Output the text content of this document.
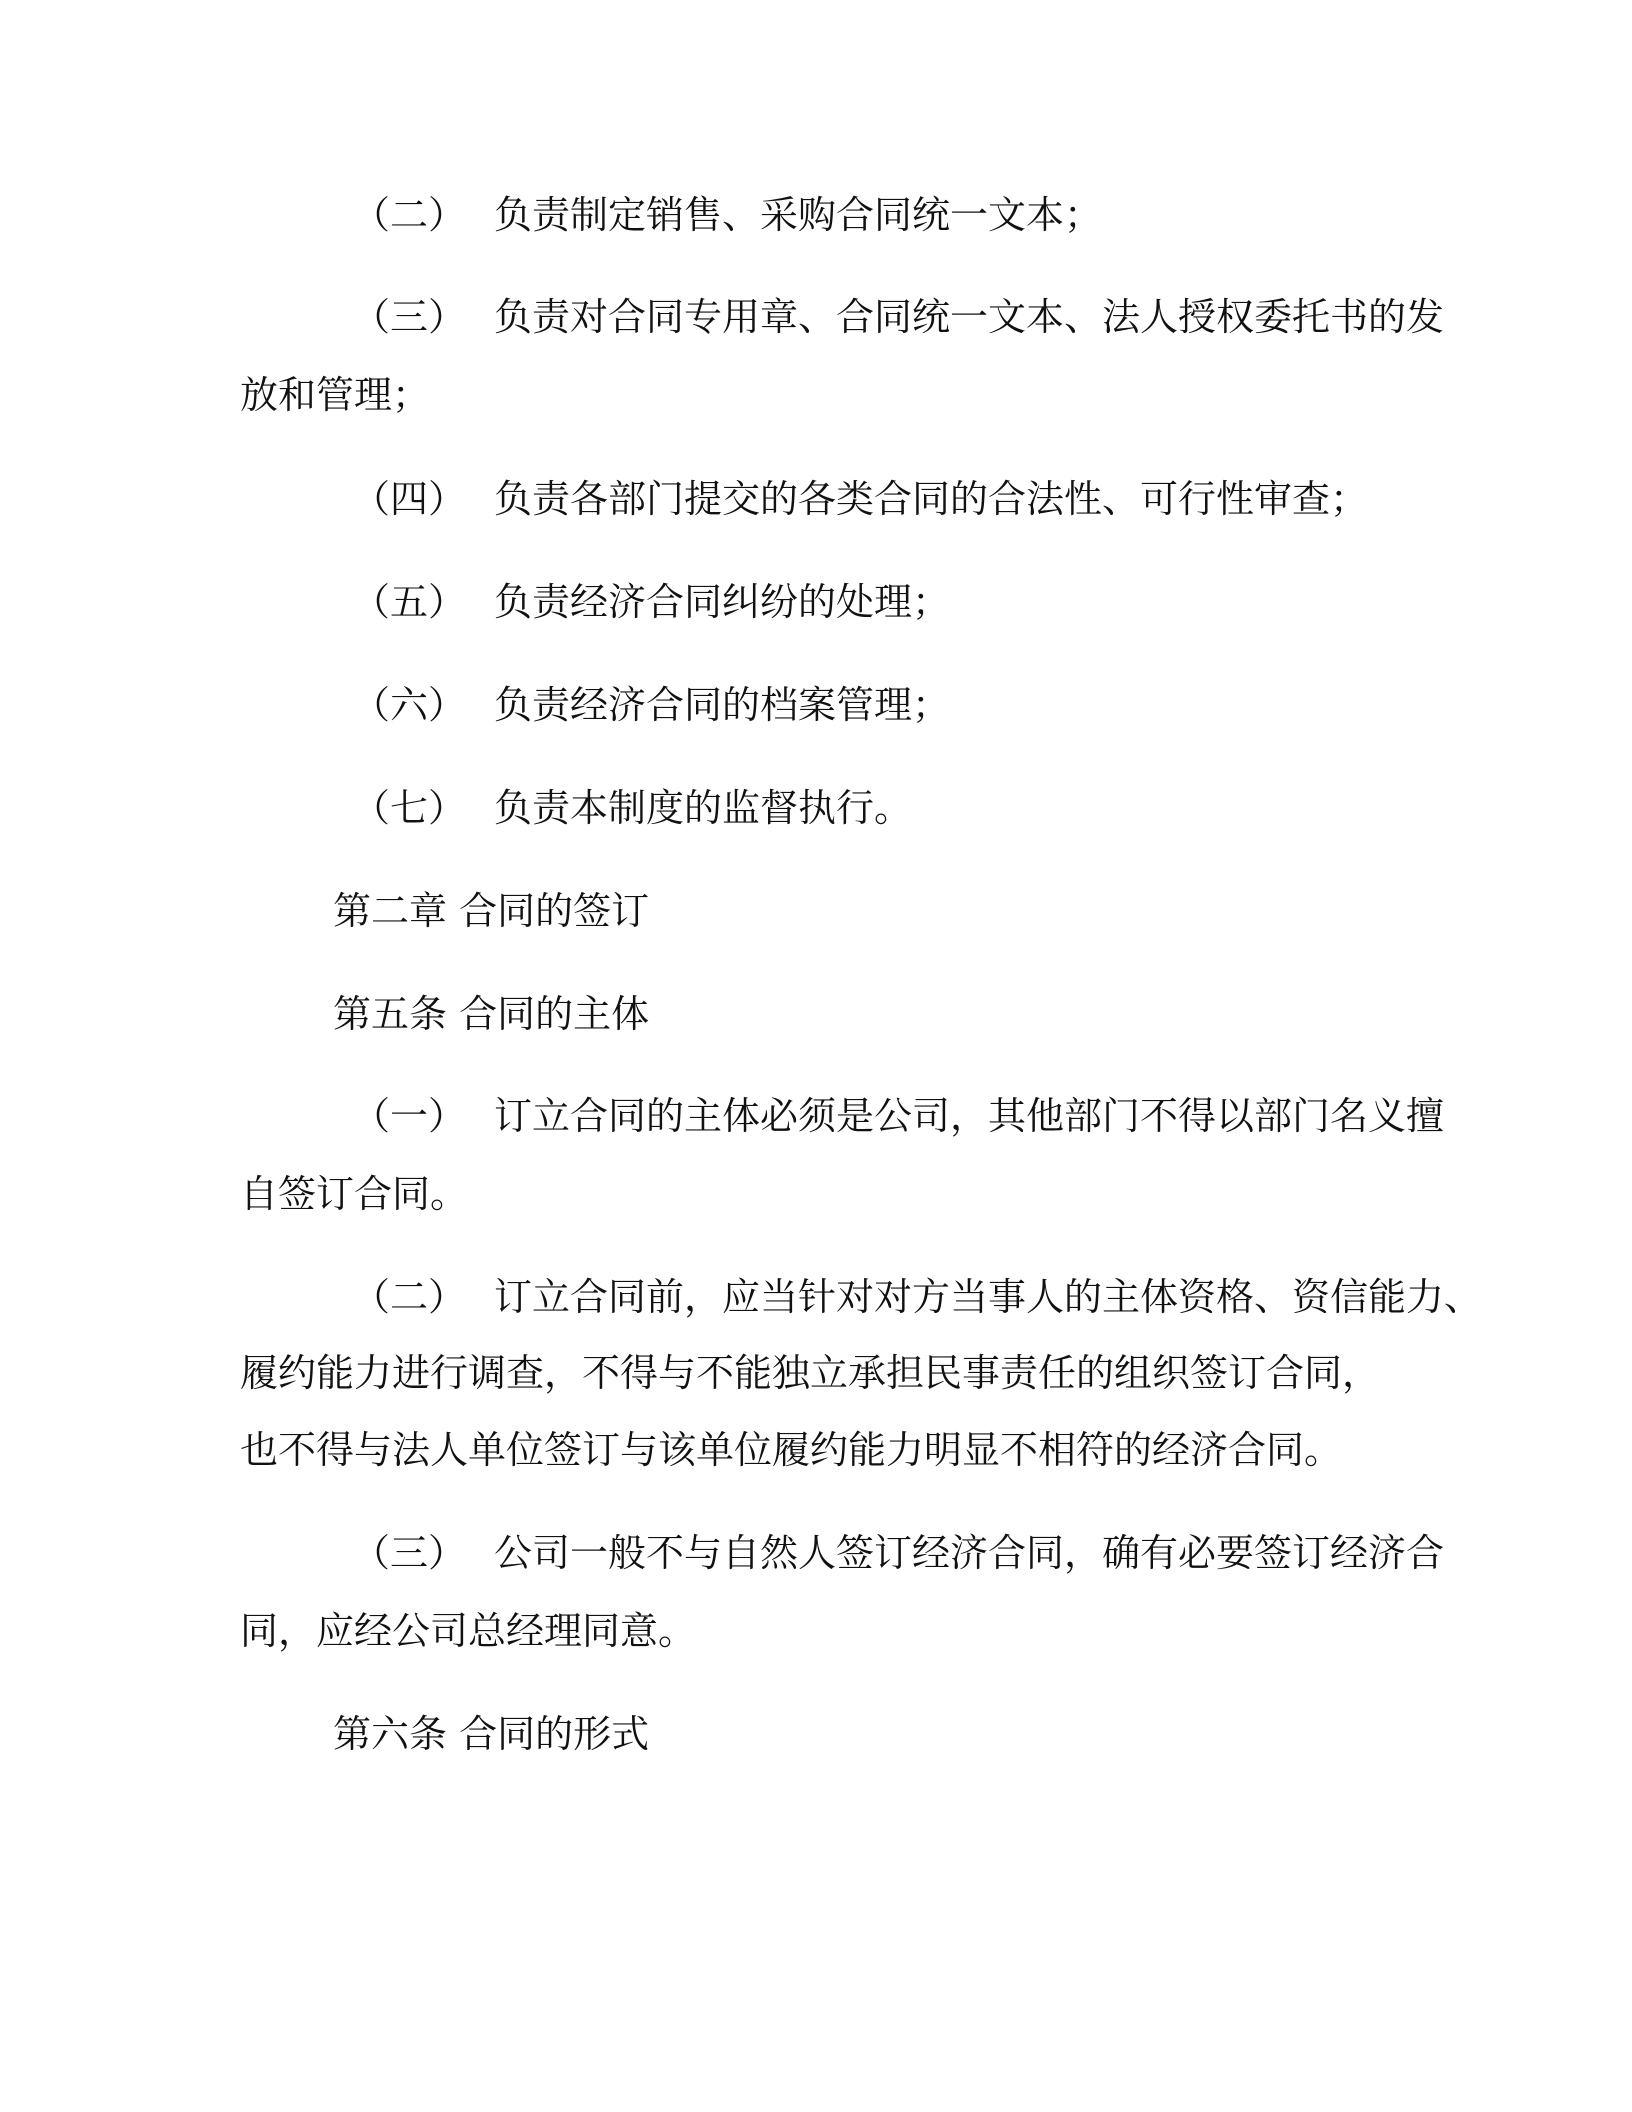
（二） 负责制定销售、采购合同统一文本；
（三） 负责对合同专用章、合同统一文本、法人授权委托书的发
放和管理；
（四） 负责各部门提交的各类合同的合法性、可行性审查；
（五） 负责经济合同纠纷的处理；
（六） 负责经济合同的档案管理；
（七） 负责本制度的监督执行。
第二章 合同的签订
第五条 合同的主体
（一） 订立合同的主体必须是公司，其他部门不得以部门名义擅
自签订合同。
（二） 订立合同前，应当针对对方当事人的主体资格、资信能力、
履约能力进行调查，不得与不能独立承担民事责任的组织签订合同，
也不得与法人单位签订与该单位履约能力明显不相符的经济合同。
（三） 公司一般不与自然人签订经济合同，确有必要签订经济合
同，应经公司总经理同意。
第六条 合同的形式
